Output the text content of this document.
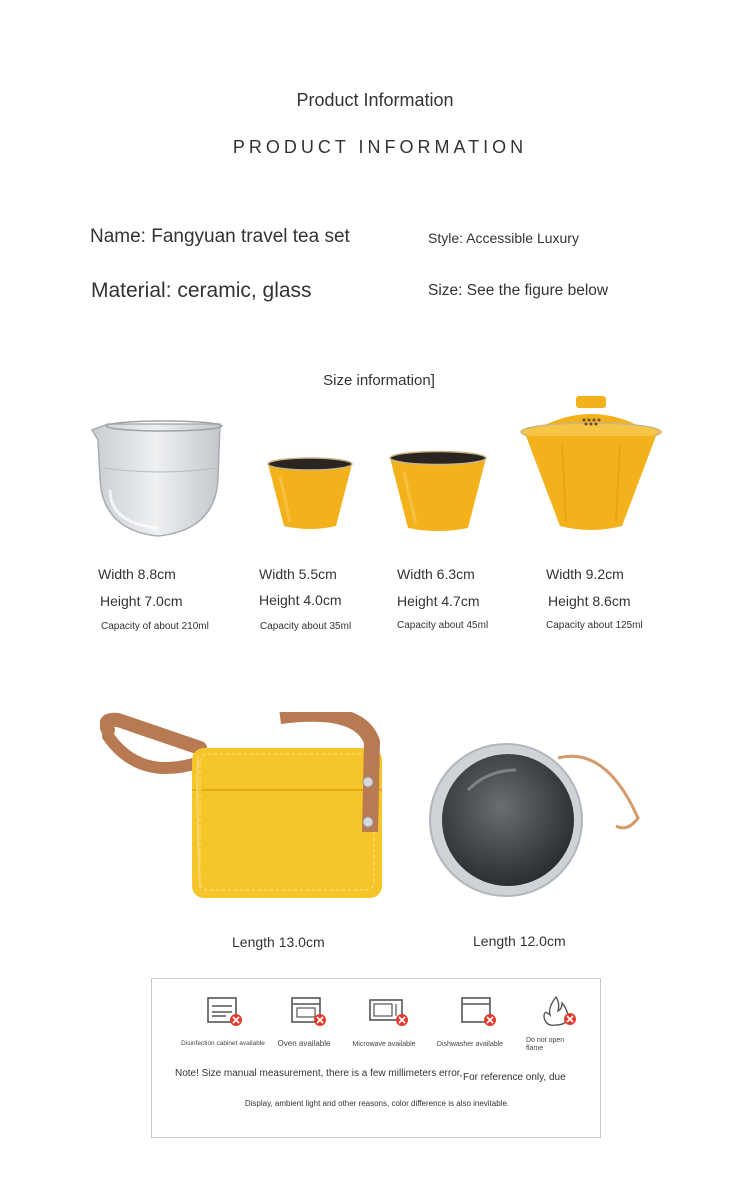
Product Information
PRODUCT INFORMATION
Name: Fangyuan travel tea set	Style: Accessible Luxury
Material: ceramic, glass	Size: See the figure below
Size information]
Width 8.8cm
Height 7.0cm
Capacity of about 210ml
Width 5.5cm
Height 4.0cm
Capacity about 35ml
Width 6.3cm
Height 4.7cm
Capacity about 45ml
Width 9.2cm
Height 8.6cm
Capacity about 125ml
Length 13.0cm	Length 12.0cm
Disinfection cabinet available	Oven available	Microwave available	Dishwasher available
Do not open flame
Note! Size manual measurement, there is a few millimeters error, For reference only, due
Display, ambient light and other reasons, color difference is also inevitable.
